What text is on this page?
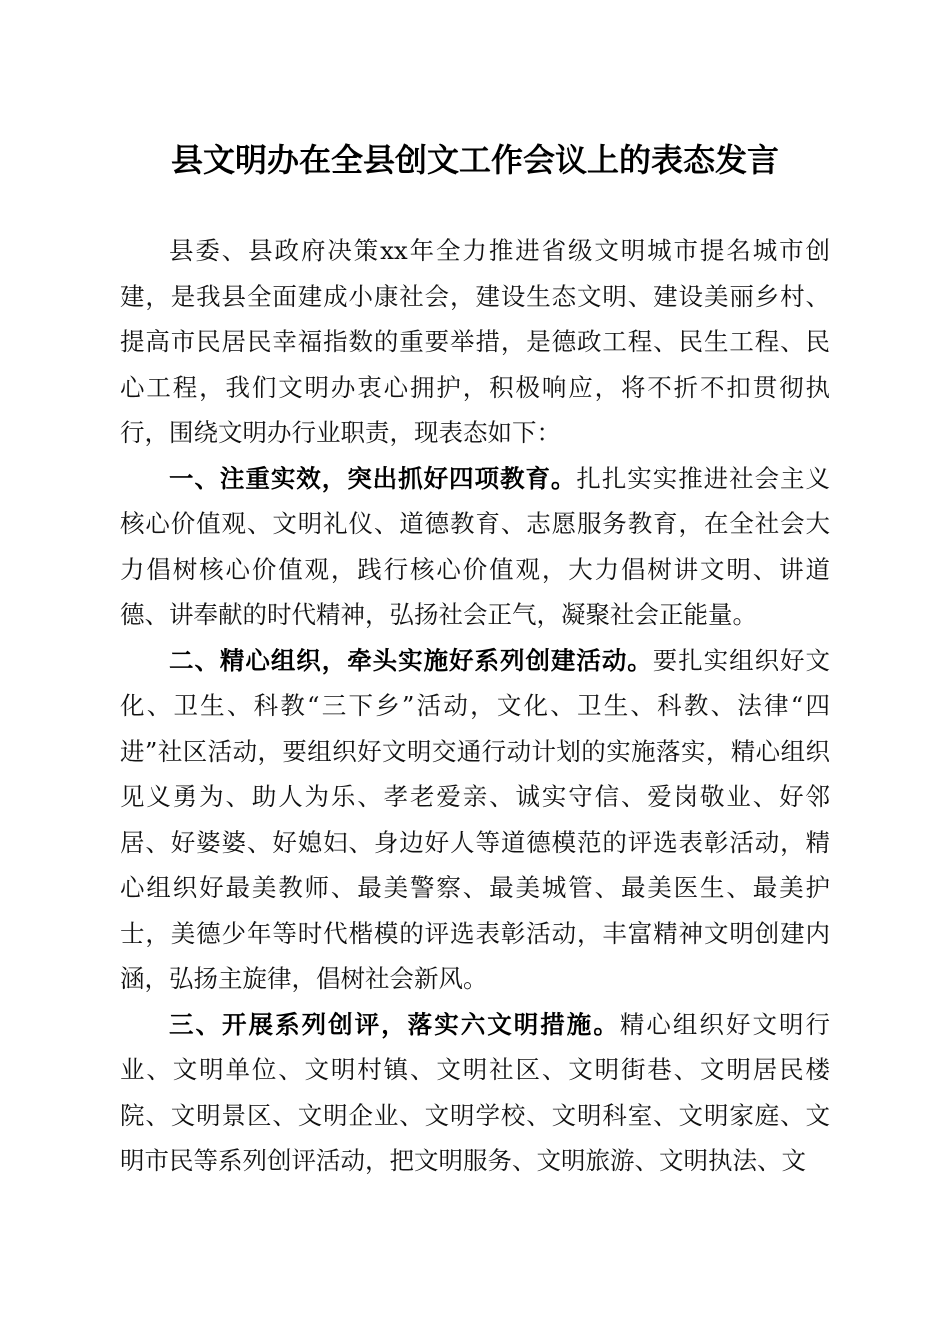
县文明办在全县创文工作会议上的表态发言

县委、县政府决策xx年全力推进省级文明城市提名城市创建，是我县全面建成小康社会，建设生态文明、建设美丽乡村、提高市民居民幸福指数的重要举措，是德政工程、民生工程、民心工程，我们文明办衷心拥护，积极响应，将不折不扣贯彻执行，围绕文明办行业职责，现表态如下：

一、注重实效，突出抓好四项教育。扎扎实实推进社会主义核心价值观、文明礼仪、道德教育、志愿服务教育，在全社会大力倡树核心价值观，践行核心价值观，大力倡树讲文明、讲道德、讲奉献的时代精神，弘扬社会正气，凝聚社会正能量。

二、精心组织，牵头实施好系列创建活动。要扎实组织好文化、卫生、科教“三下乡”活动，文化、卫生、科教、法律“四进”社区活动，要组织好文明交通行动计划的实施落实，精心组织见义勇为、助人为乐、孝老爱亲、诚实守信、爱岗敬业、好邻居、好婆婆、好媳妇、身边好人等道德模范的评选表彰活动，精心组织好最美教师、最美警察、最美城管、最美医生、最美护士，美德少年等时代楷模的评选表彰活动，丰富精神文明创建内涵，弘扬主旋律，倡树社会新风。

三、开展系列创评，落实六文明措施。精心组织好文明行业、文明单位、文明村镇、文明社区、文明街巷、文明居民楼院、文明景区、文明企业、文明学校、文明科室、文明家庭、文明市民等系列创评活动，把文明服务、文明旅游、文明执法、文
